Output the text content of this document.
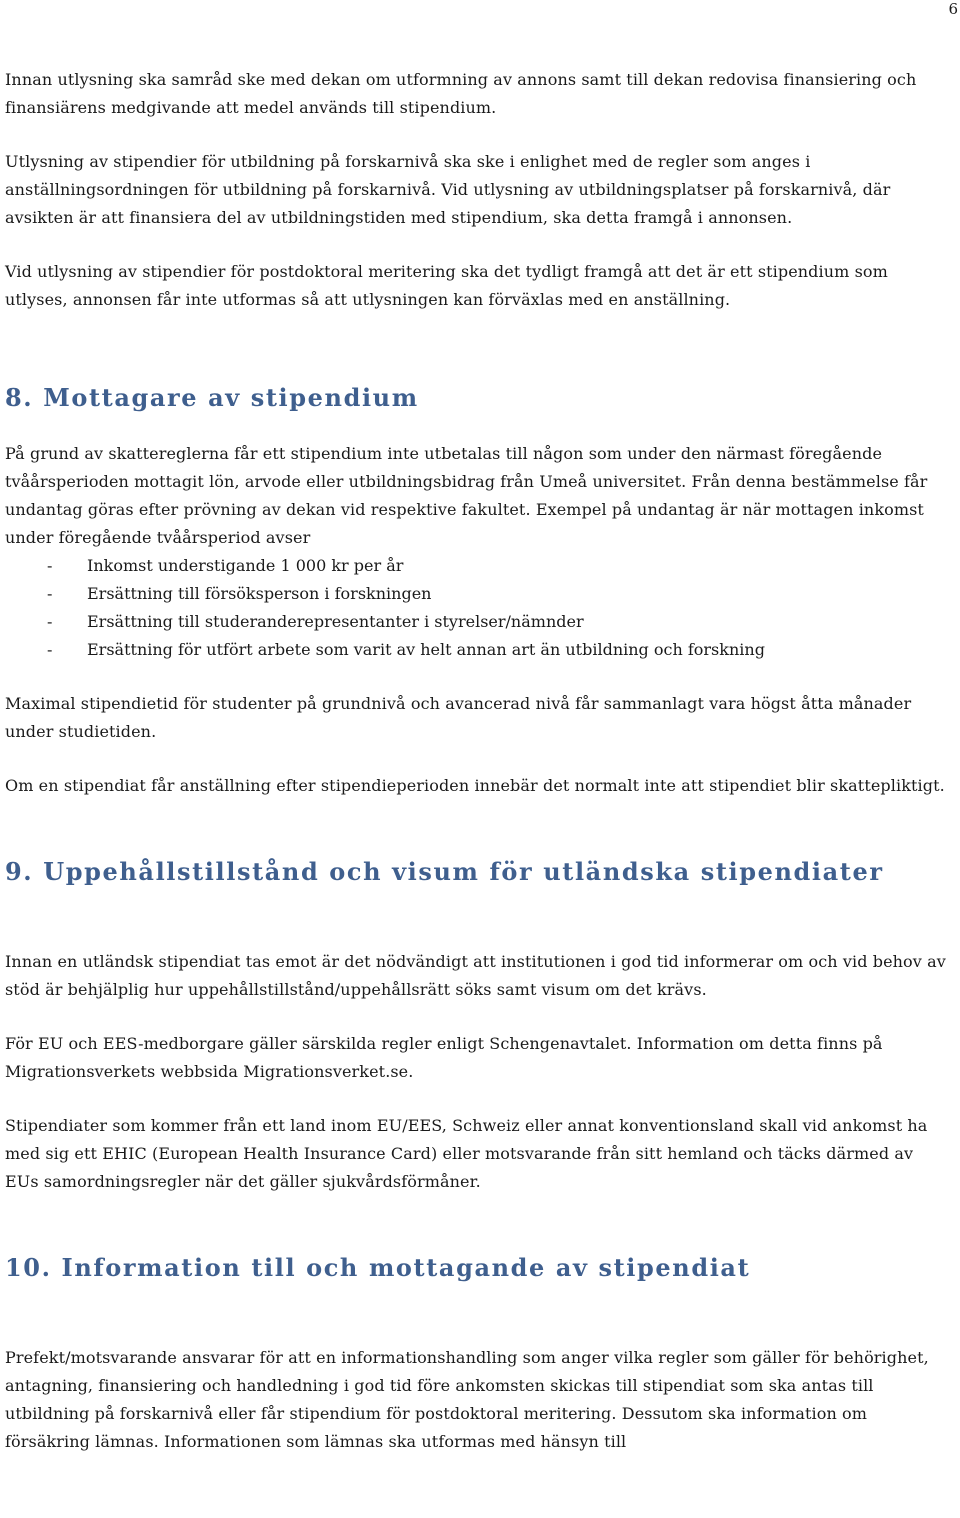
6

Innan utlysning ska samråd ske med dekan om utformning av annons samt till dekan redovisa finansiering och finansiärens medgivande att medel används till stipendium.

Utlysning av stipendier för utbildning på forskarnivå ska ske i enlighet med de regler som anges i anställningsordningen för utbildning på forskarnivå. Vid utlysning av utbildningsplatser på forskarnivå, där avsikten är att finansiera del av utbildningstiden med stipendium, ska detta framgå i annonsen.

Vid utlysning av stipendier för postdoktoral meritering ska det tydligt framgå att det är ett stipendium som utlyses, annonsen får inte utformas så att utlysningen kan förväxlas med en anställning.

8. Mottagare av stipendium

På grund av skattereglerna får ett stipendium inte utbetalas till någon som under den närmast föregående tvåårsperioden mottagit lön, arvode eller utbildningsbidrag från Umeå universitet. Från denna bestämmelse får undantag göras efter prövning av dekan vid respektive fakultet. Exempel på undantag är när mottagen inkomst under föregående tvåårsperiod avser

- Inkomst understigande 1 000 kr per år
- Ersättning till försöksperson i forskningen
- Ersättning till studeranderepresentanter i styrelser/nämnder
- Ersättning för utfört arbete som varit av helt annan art än utbildning och forskning

Maximal stipendietid för studenter på grundnivå och avancerad nivå får sammanlagt vara högst åtta månader under studietiden.

Om en stipendiat får anställning efter stipendieperioden innebär det normalt inte att stipendiet blir skattepliktigt.

9. Uppehållstillstånd och visum för utländska stipendiater

Innan en utländsk stipendiat tas emot är det nödvändigt att institutionen i god tid informerar om och vid behov av stöd är behjälplig hur uppehållstillstånd/uppehållsrätt söks samt visum om det krävs.

För EU och EES-medborgare gäller särskilda regler enligt Schengenavtalet. Information om detta finns på Migrationsverkets webbsida Migrationsverket.se.

Stipendiater som kommer från ett land inom EU/EES, Schweiz eller annat konventionsland skall vid ankomst ha med sig ett EHIC (European Health Insurance Card) eller motsvarande från sitt hemland och täcks därmed av EUs samordningsregler när det gäller sjukvårdsförmåner.

10. Information till och mottagande av stipendiat

Prefekt/motsvarande ansvarar för att en informationshandling som anger vilka regler som gäller för behörighet, antagning, finansiering och handledning i god tid före ankomsten skickas till stipendiat som ska antas till utbildning på forskarnivå eller får stipendium för postdoktoral meritering. Dessutom ska information om försäkring lämnas. Informationen som lämnas ska utformas med hänsyn till
